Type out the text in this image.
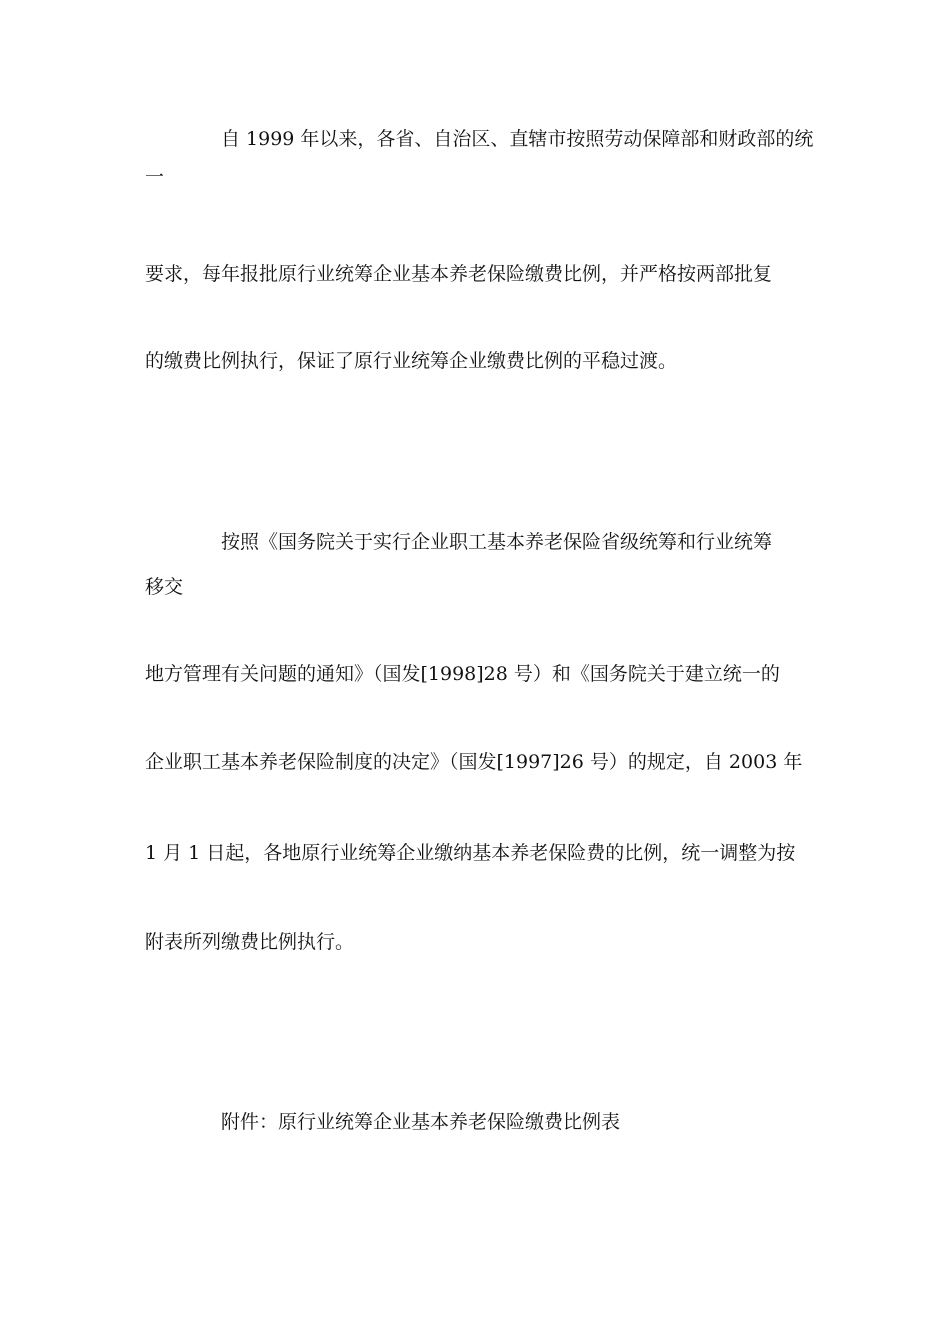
自 1999 年以来，各省、自治区、直辖市按照劳动保障部和财政部的统

一

要求，每年报批原行业统筹企业基本养老保险缴费比例，并严格按两部批复

的缴费比例执行，保证了原行业统筹企业缴费比例的平稳过渡。

按照《国务院关于实行企业职工基本养老保险省级统筹和行业统筹

移交

地方管理有关问题的通知》（国发[1998]28 号）和《国务院关于建立统一的

企业职工基本养老保险制度的决定》（国发[1997]26 号）的规定，自 2003 年

1 月 1 日起，各地原行业统筹企业缴纳基本养老保险费的比例，统一调整为按

附表所列缴费比例执行。

附件：原行业统筹企业基本养老保险缴费比例表
